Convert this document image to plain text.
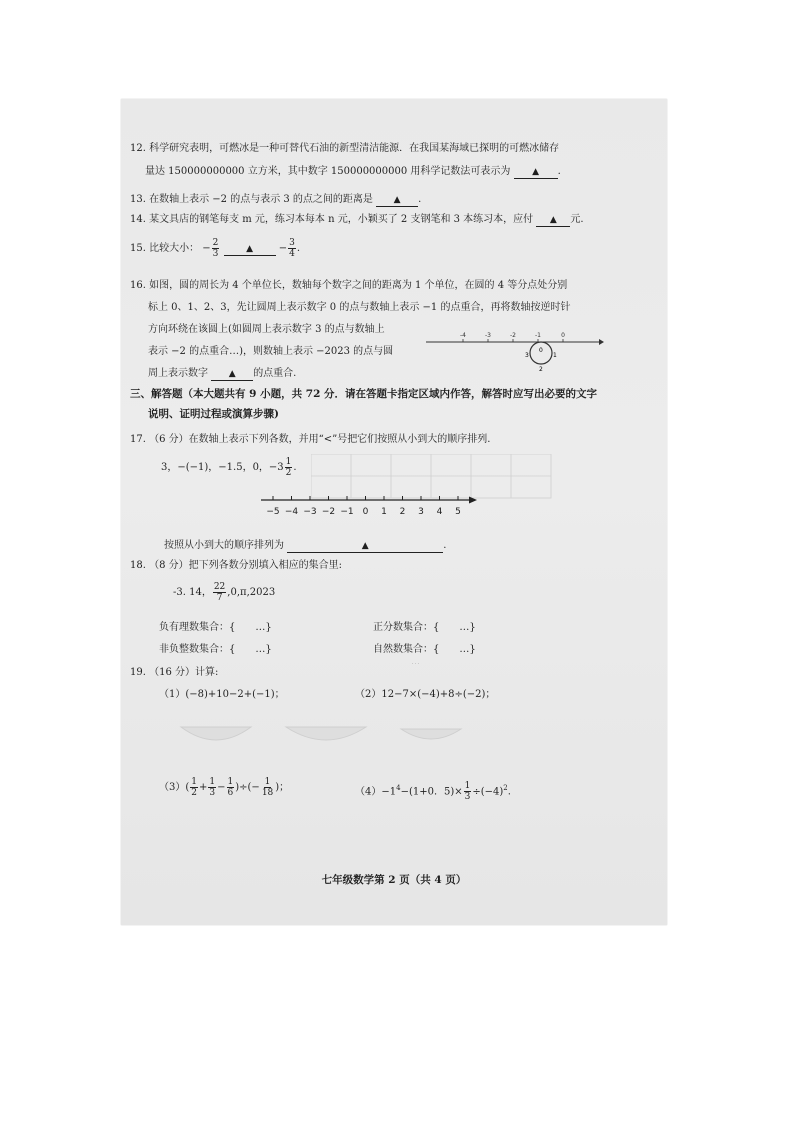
12. 科学研究表明，可燃冰是一种可替代石油的新型清洁能源．在我国某海域已探明的可燃冰储存
量达 150000000000 立方米，其中数字 150000000000 用科学记数法可表示为 ▲ .
13. 在数轴上表示 −2 的点与表示 3 的点之间的距离是 ▲ .
14. 某文具店的钢笔每支 m 元，练习本每本 n 元，小颖买了 2 支钢笔和 3 本练习本，应付 ▲ 元.
15. 比较大小： − $\frac{2}{3}$	▲	− $\frac{3}{4}$ .
16. 如图，圆的周长为 4 个单位长，数轴每个数字之间的距离为 1 个单位，在圆的 4 等分点处分别
标上 0、1、2、3，先让圆周上表示数字 0 的点与数轴上表示 −1 的点重合，再将数轴按逆时针
方向环绕在该圆上(如圆周上表示数字 3 的点与数轴上
表示 −2 的点重合…)，则数轴上表示 −2023 的点与圆
周上表示数字 ▲ 的点重合.
-4	-3	-2	-1	0
0
1
2
3
三、解答题（本大题共有 9 小题，共 72 分．请在答题卡指定区域内作答，解答时应写出必要的文字
说明、证明过程或演算步骤)
17. （6 分）在数轴上表示下列各数，并用“<”号把它们按照从小到大的顺序排列.
3，−(−1)，−1.5，0，$-3 \frac{1}{2}$ .
−5 −4 −3 −2 −1 0 1 2 3 4 5
按照从小到大的顺序排列为	▲	.
18. （8 分）把下列各数分别填入相应的集合里:
-3. 14， $\frac{22}{7} ,0,\pi,2023$
负有理数集合：{　　…}	正分数集合：{　　…}
非负整数集合：{　　…}	自然数集合：{　　…}
19. （16 分）计算:
（1）(−8)+10−2+(−1)；	（2）12−7×(−4)+8÷(−2)；
⋯
$(3)( \frac{1}{2} + \frac{1}{3} - \frac{1}{6}$ )÷(− $\frac{1}{18}$ )；	$(4)-1^4-(1+0$．$5)\times \frac{1}{3} \div(-4)^2$.
七年级数学第 2 页（共 4 页）
